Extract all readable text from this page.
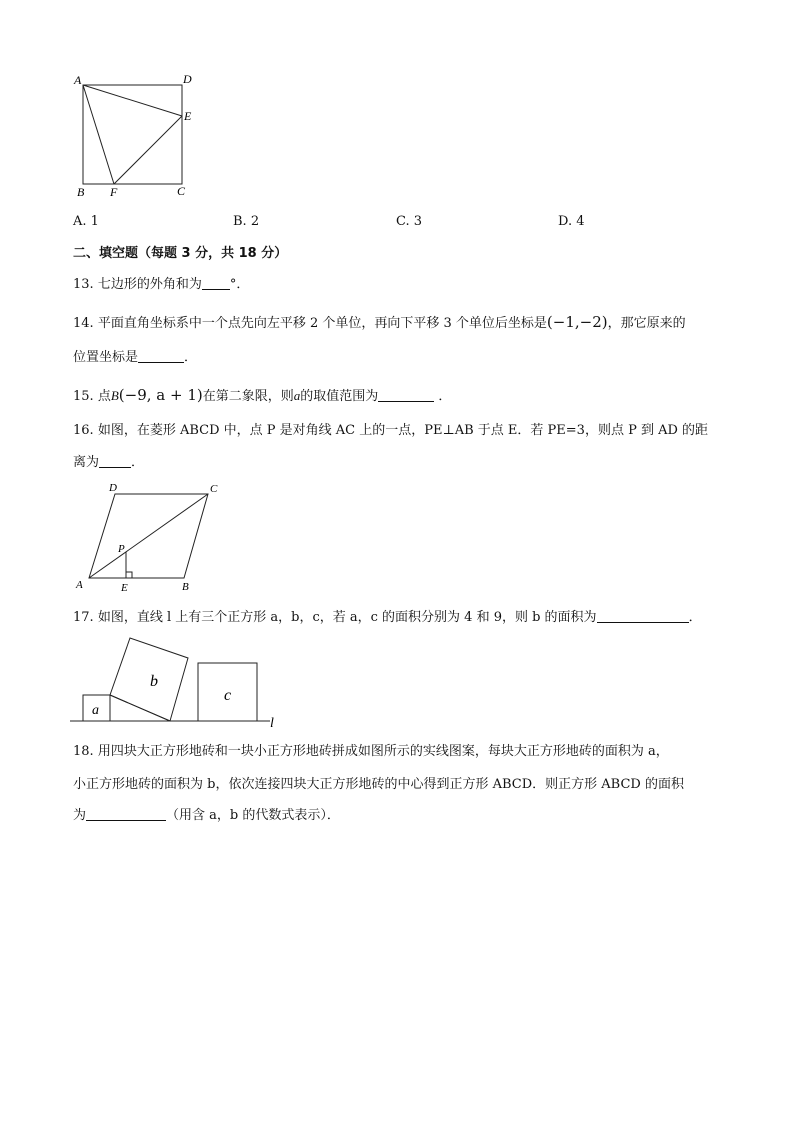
A	D
E
B F	C
A. 1	B. 2	C. 3	D. 4
二、填空题（每题 3 分，共 18 分）
13. 七边形的外角和为 °．
14. 平面直角坐标系中一个点先向左平移 2 个单位，再向下平移 3 个单位后坐标是(−1,−2)，那它原来的
位置坐标是	．
15. 点B(−9, a + 1)在第二象限，则a的取值范围为	．
16. 如图，在菱形 ABCD 中，点 P 是对角线 AC 上的一点，PE⊥AB 于点 E．若 PE=3，则点 P 到 AD 的距
离为 ．
D	C
P
A	E	B
17. 如图，直线 l 上有三个正方形 a，b，c，若 a，c 的面积分别为 4 和 9，则 b 的面积为	．
a
b
c
l
18. 用四块大正方形地砖和一块小正方形地砖拼成如图所示的实线图案，每块大正方形地砖的面积为 a，
小正方形地砖的面积为 b，依次连接四块大正方形地砖的中心得到正方形 ABCD．则正方形 ABCD 的面积
为	（用含 a，b 的代数式表示）．
